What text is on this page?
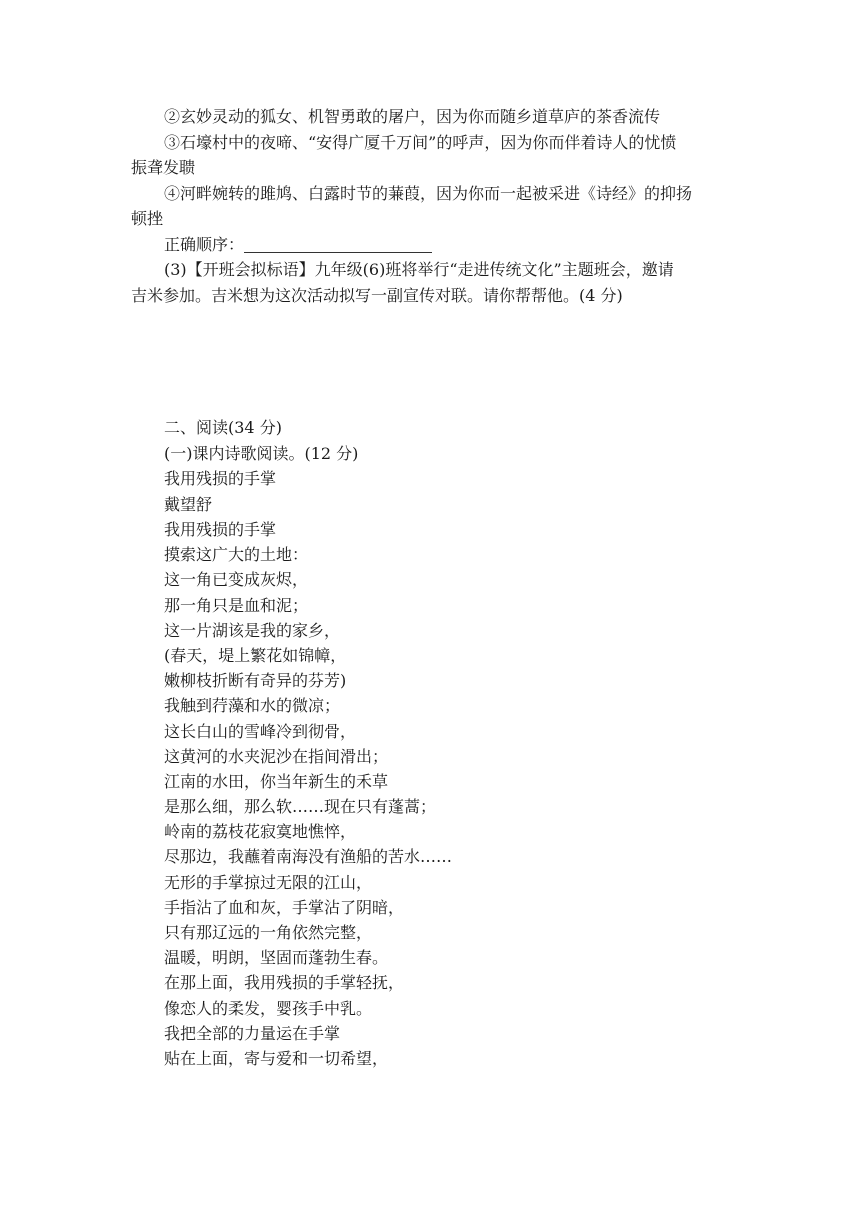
②玄妙灵动的狐女、机智勇敢的屠户，因为你而随乡道草庐的茶香流传
③石壕村中的夜啼、“安得广厦千万间”的呼声，因为你而伴着诗人的忧愤
振聋发聩
④河畔婉转的雎鸠、白露时节的蒹葭，因为你而一起被采进《诗经》的抑扬
顿挫
正确顺序：
(3)【开班会拟标语】九年级(6)班将举行“走进传统文化”主题班会，邀请
吉米参加。吉米想为这次活动拟写一副宣传对联。请你帮帮他。(4 分)
二、阅读(34 分)
(一)课内诗歌阅读。(12 分)
我用残损的手掌
戴望舒
我用残损的手掌
摸索这广大的土地：
这一角已变成灰烬，
那一角只是血和泥；
这一片湖该是我的家乡，
(春天，堤上繁花如锦幛，
嫩柳枝折断有奇异的芬芳)
我触到荇藻和水的微凉；
这长白山的雪峰冷到彻骨，
这黄河的水夹泥沙在指间滑出；
江南的水田，你当年新生的禾草
是那么细，那么软……现在只有蓬蒿；
岭南的荔枝花寂寞地憔悴，
尽那边，我蘸着南海没有渔船的苦水……
无形的手掌掠过无限的江山，
手指沾了血和灰，手掌沾了阴暗，
只有那辽远的一角依然完整，
温暖，明朗，坚固而蓬勃生春。
在那上面，我用残损的手掌轻抚，
像恋人的柔发，婴孩手中乳。
我把全部的力量运在手掌
贴在上面，寄与爱和一切希望，
